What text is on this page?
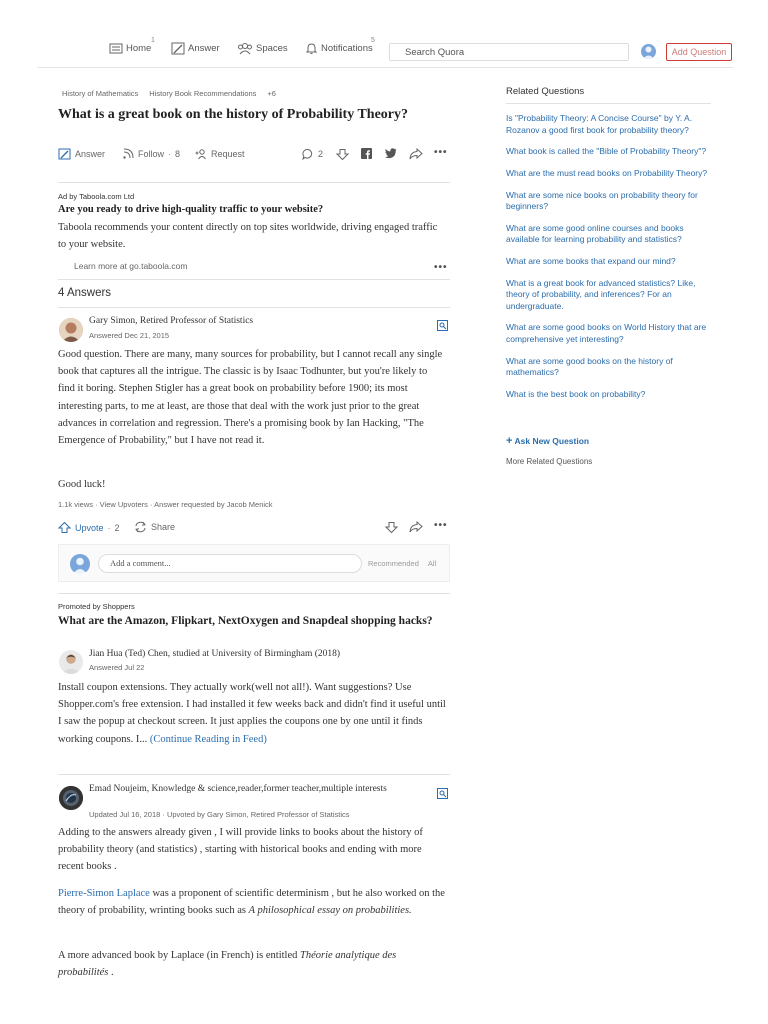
Home
1
Answer	Spaces	Notifications
5
Search Quora	Add Question
History of Mathematics History Book Recommendations +6
What is a great book on the history of Probability Theory?
Answer	Follow · 8	Request	2	•••
Ad by Taboola.com Ltd
Are you ready to drive high-quality traffic to your website?
Taboola recommends your content directly on top sites worldwide, driving engaged traffic to your website.
Learn more at go.taboola.com	•••
4 Answers
Gary Simon, Retired Professor of Statistics
Answered Dec 21, 2015
Good question. There are many, many sources for probability, but I cannot recall any single book that captures all the intrigue. The classic is by Isaac Todhunter, but you're likely to find it boring. Stephen Stigler has a great book on probability before 1900; its most interesting parts, to me at least, are those that deal with the work just prior to the great advances in correlation and regression. There's a promising book by Ian Hacking, "The Emergence of Probability," but I have not read it.
Good luck!
1.1k views · View Upvoters · Answer requested by Jacob Menick
Upvote · 2	Share	•••
Add a comment...	Recommended All
Promoted by Shoppers
What are the Amazon, Flipkart, NextOxygen and Snapdeal shopping hacks?
Jian Hua (Ted) Chen, studied at University of Birmingham (2018)
Answered Jul 22
Install coupon extensions. They actually work(well not all!). Want suggestions? Use Shopper.com's free extension. I had installed it few weeks back and didn't find it useful until I saw the popup at checkout screen. It just applies the coupons one by one until it finds working coupons. I... (Continue Reading in Feed)
Emad Noujeim, Knowledge & science,reader,former teacher,multiple interests
Updated Jul 16, 2018 · Upvoted by Gary Simon, Retired Professor of Statistics
Adding to the answers already given , I will provide links to books about the history of probability theory (and statistics) , starting with historical books and ending with more recent books .
Pierre-Simon Laplace was a proponent of scientific determinism , but he also worked on the theory of probability, wrinting books such as A philosophical essay on probabilities.
A more advanced book by Laplace (in French) is entitled Théorie analytique des probabilités .
Related Questions
Is "Probability Theory: A Concise Course" by Y. A. Rozanov a good first book for probability theory?
What book is called the "Bible of Probability Theory"?
What are the must read books on Probability Theory?
What are some nice books on probability theory for beginners?
What are some good online courses and books available for learning probability and statistics?
What are some books that expand our mind?
What is a great book for advanced statistics? Like, theory of probability, and inferences? For an undergraduate.
What are some good books on World History that are comprehensive yet interesting?
What are some good books on the history of mathematics?
What is the best book on probability?
+ Ask New Question
More Related Questions
